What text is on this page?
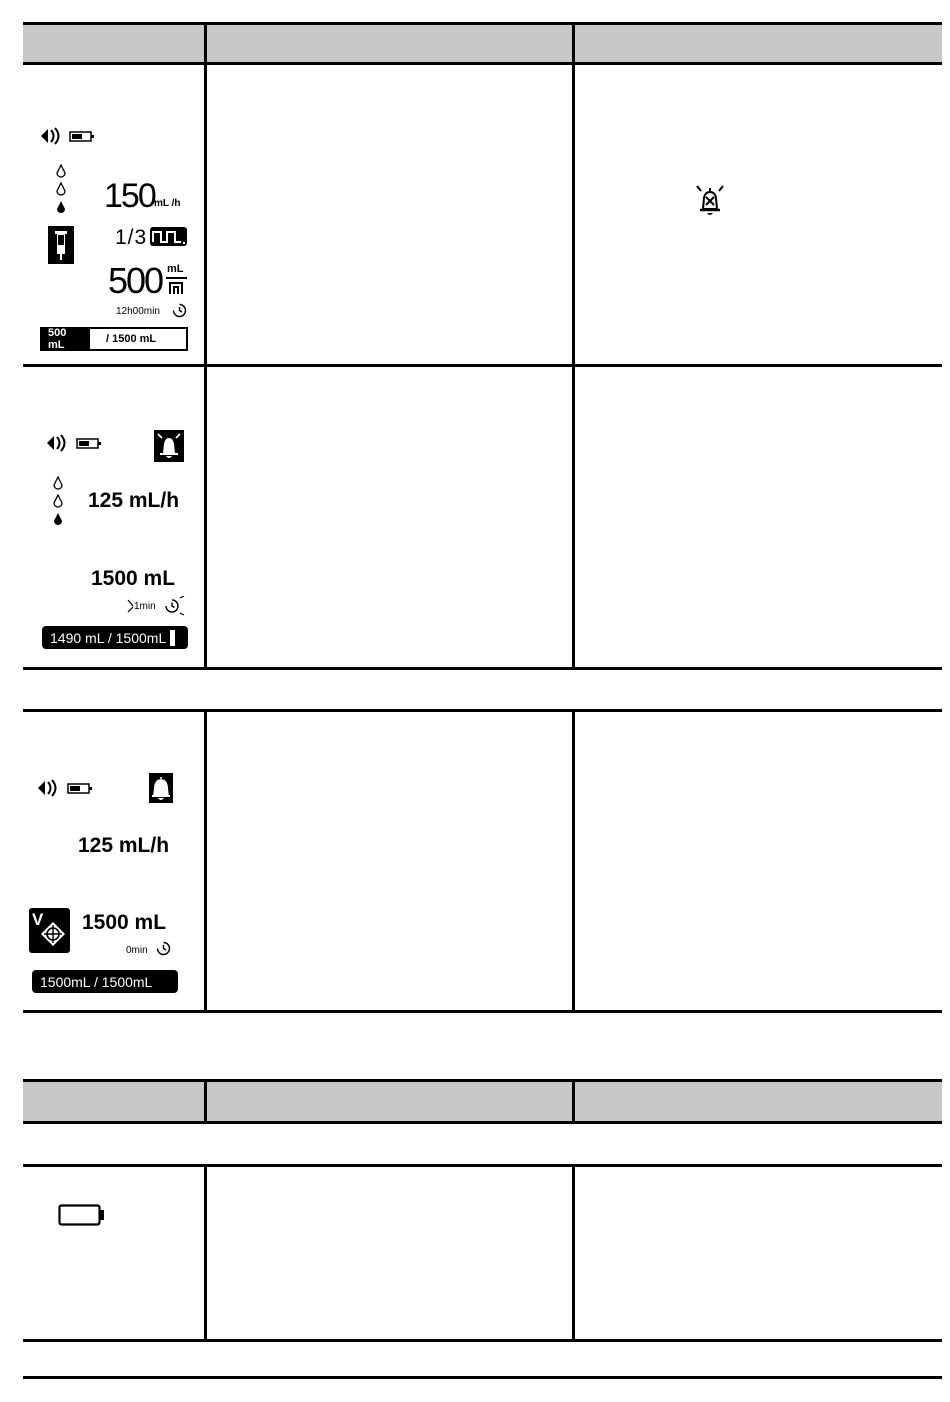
150 mL /h
1/3
500 mL
12h00min
500 mL	/ 1500 mL
125 mL/h
1500 mL
1min
1490 mL / 1500mL
125 mL/h
V 1500 mL
0min
1500mL / 1500mL
